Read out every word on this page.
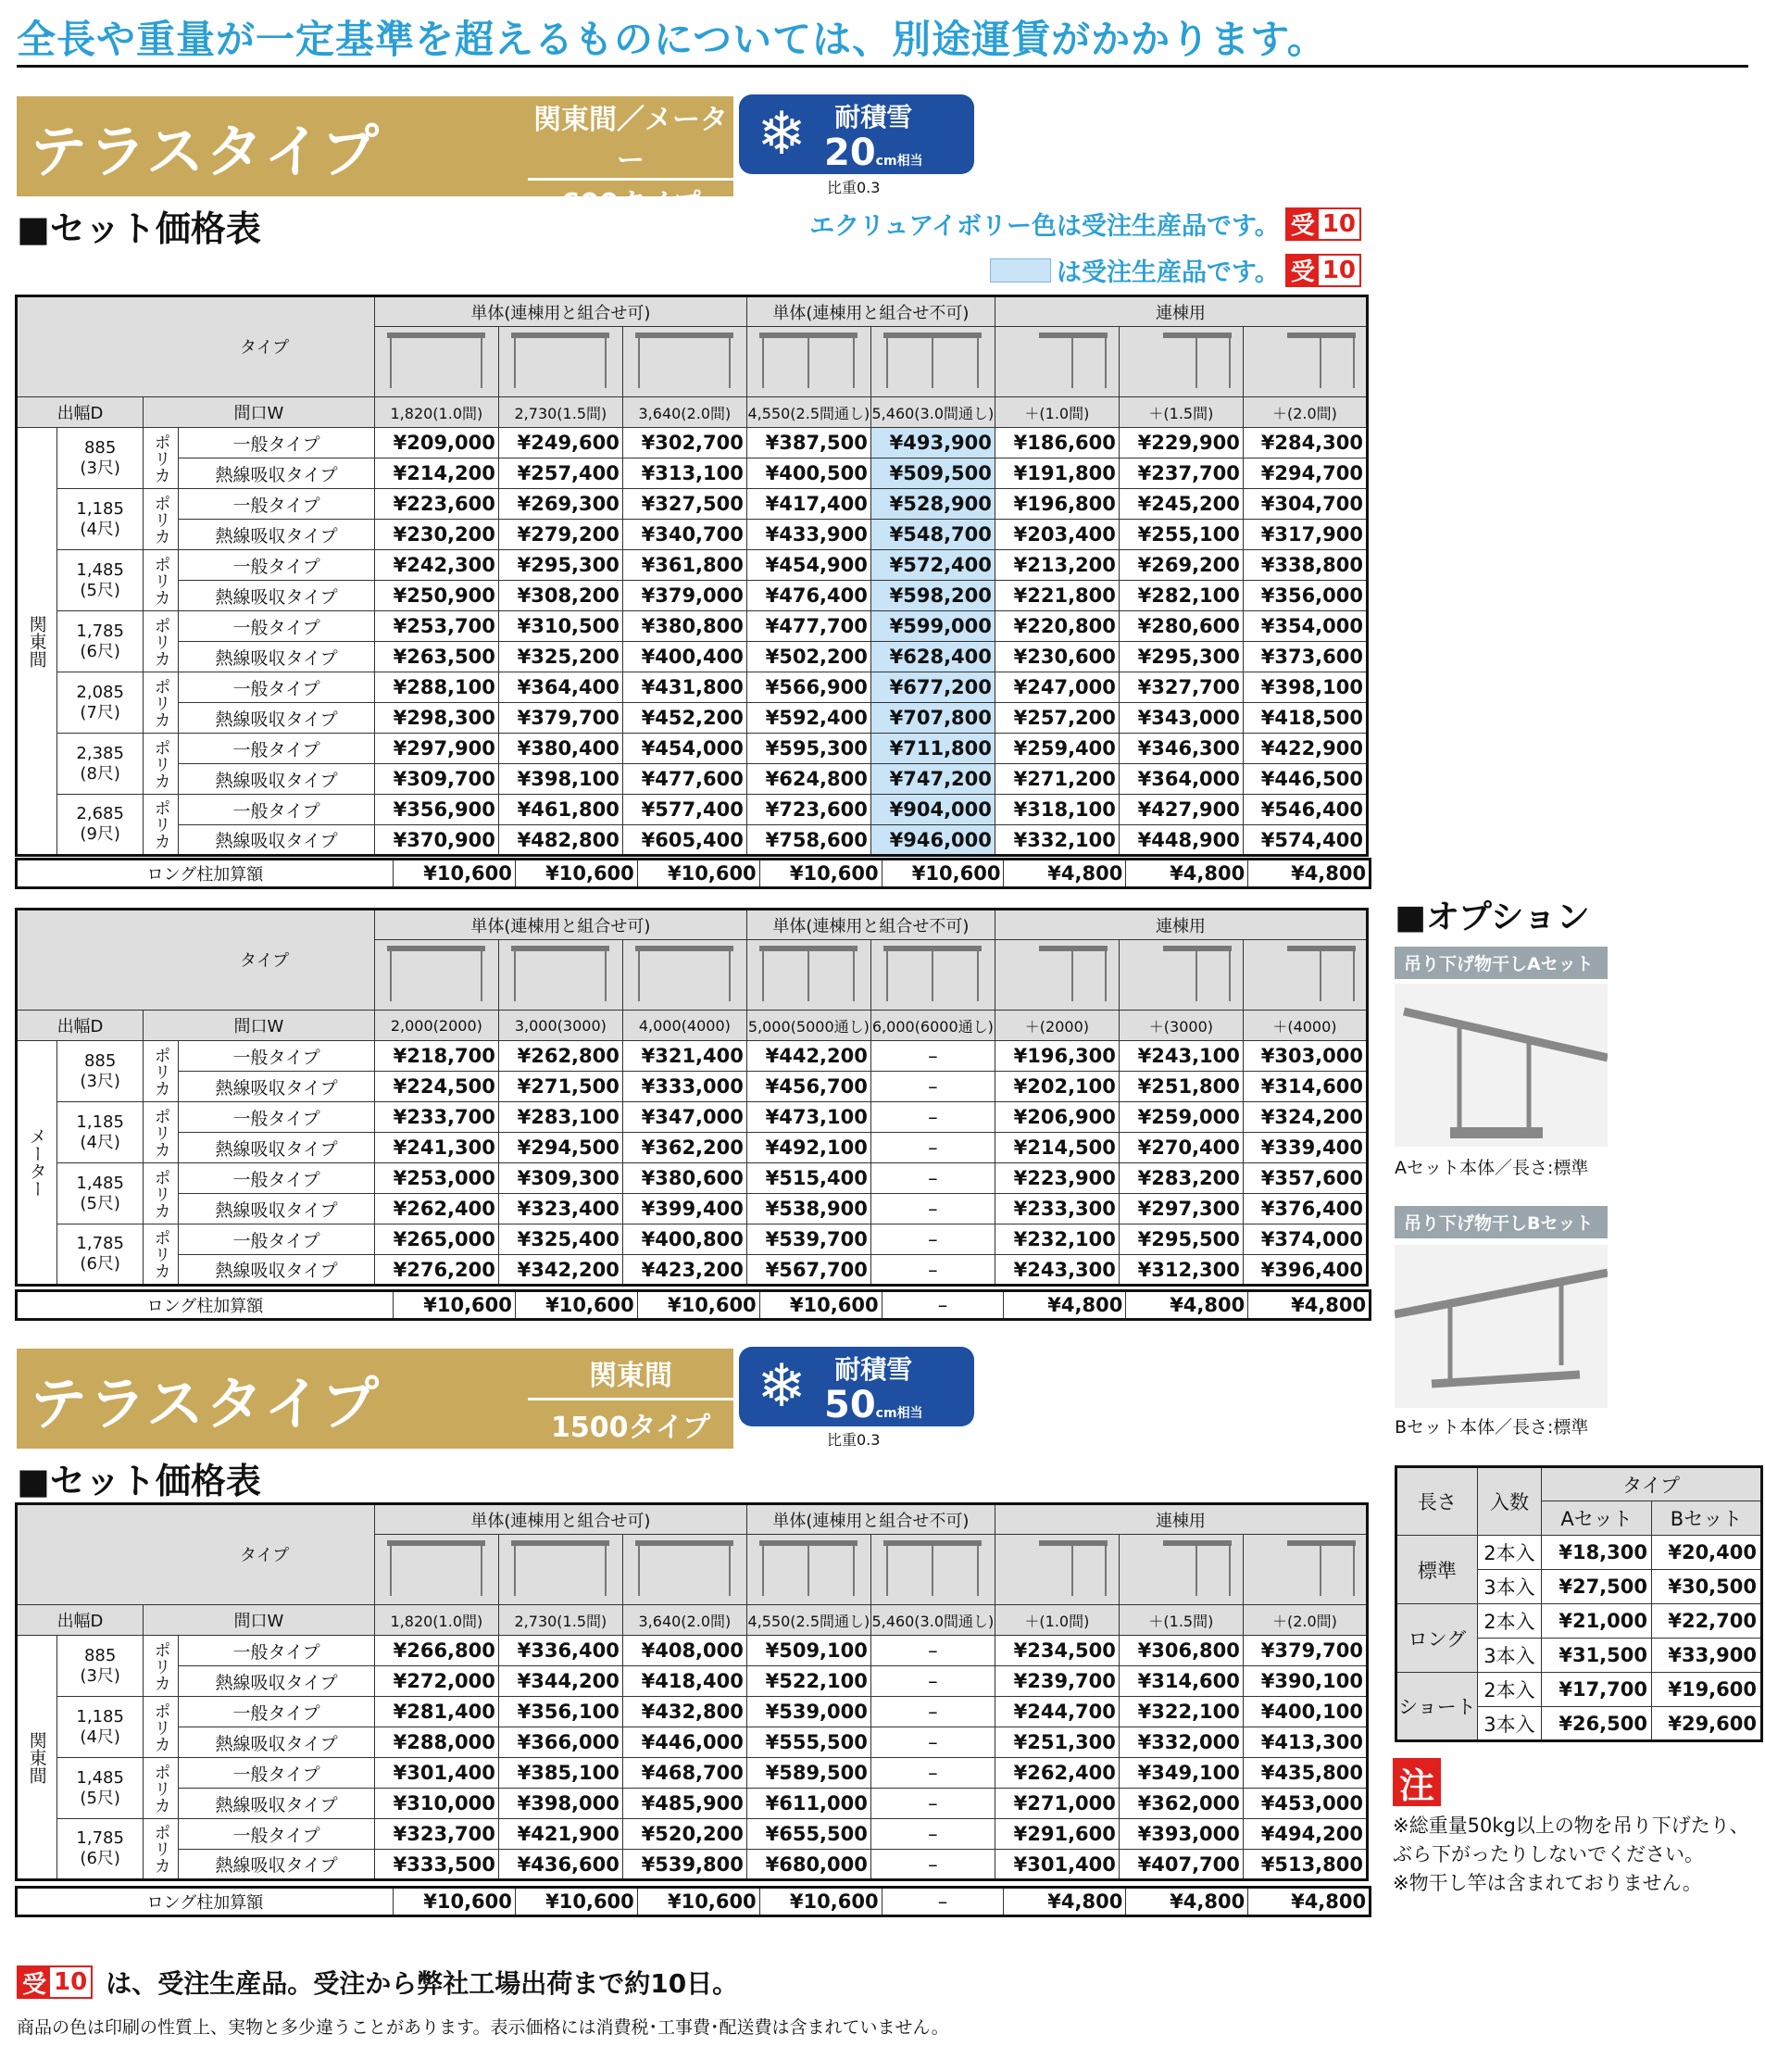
全長や重量が一定基準を超えるものについては、別途運賃がかかります。
テラスタイプ	関東間／メーター
600タイプ
❄	耐積雪
20cm相当
比重0.3
■セット価格表	エクリュアイボリー色は受注生産品です。 受 10
は受注生産品です。 受 10
タイプ				単体(連棟用と組合せ可)			単体(連棟用と組合せ不可)		連棟用		

出幅D		間口W		1,820(1.0間)	2,730(1.5間)	3,640(2.0間)	4,550(2.5間通し)	5,460(3.0間通し)	＋(1.0間)	＋(1.5間)	＋(2.0間)
関東間	885
(3尺)	ポリカ	一般タイプ	¥209,000	¥249,600	¥302,700	¥387,500	¥493,900	¥186,600	¥229,900	¥284,300
			熱線吸収タイプ	¥214,200	¥257,400	¥313,100	¥400,500	¥509,500	¥191,800	¥237,700	¥294,700
	1,185
(4尺)	ポリカ	一般タイプ	¥223,600	¥269,300	¥327,500	¥417,400	¥528,900	¥196,800	¥245,200	¥304,700
			熱線吸収タイプ	¥230,200	¥279,200	¥340,700	¥433,900	¥548,700	¥203,400	¥255,100	¥317,900
	1,485
(5尺)	ポリカ	一般タイプ	¥242,300	¥295,300	¥361,800	¥454,900	¥572,400	¥213,200	¥269,200	¥338,800
			熱線吸収タイプ	¥250,900	¥308,200	¥379,000	¥476,400	¥598,200	¥221,800	¥282,100	¥356,000
	1,785
(6尺)	ポリカ	一般タイプ	¥253,700	¥310,500	¥380,800	¥477,700	¥599,000	¥220,800	¥280,600	¥354,000
			熱線吸収タイプ	¥263,500	¥325,200	¥400,400	¥502,200	¥628,400	¥230,600	¥295,300	¥373,600
	2,085
(7尺)	ポリカ	一般タイプ	¥288,100	¥364,400	¥431,800	¥566,900	¥677,200	¥247,000	¥327,700	¥398,100
			熱線吸収タイプ	¥298,300	¥379,700	¥452,200	¥592,400	¥707,800	¥257,200	¥343,000	¥418,500
	2,385
(8尺)	ポリカ	一般タイプ	¥297,900	¥380,400	¥454,000	¥595,300	¥711,800	¥259,400	¥346,300	¥422,900
			熱線吸収タイプ	¥309,700	¥398,100	¥477,600	¥624,800	¥747,200	¥271,200	¥364,000	¥446,500
	2,685
(9尺)	ポリカ	一般タイプ	¥356,900	¥461,800	¥577,400	¥723,600	¥904,000	¥318,100	¥427,900	¥546,400
			熱線吸収タイプ	¥370,900	¥482,800	¥605,400	¥758,600	¥946,000	¥332,100	¥448,900	¥574,400
ロング柱加算額	¥10,600	¥10,600	¥10,600	¥10,600	¥10,600	¥4,800	¥4,800	¥4,800
タイプ				単体(連棟用と組合せ可)			単体(連棟用と組合せ不可)		連棟用		

出幅D		間口W		2,000(2000)	3,000(3000)	4,000(4000)	5,000(5000通し)	6,000(6000通し)	＋(2000)	＋(3000)	＋(4000)
メーター	885
(3尺)	ポリカ	一般タイプ	¥218,700	¥262,800	¥321,400	¥442,200	–	¥196,300	¥243,100	¥303,000
			熱線吸収タイプ	¥224,500	¥271,500	¥333,000	¥456,700	–	¥202,100	¥251,800	¥314,600
	1,185
(4尺)	ポリカ	一般タイプ	¥233,700	¥283,100	¥347,000	¥473,100	–	¥206,900	¥259,000	¥324,200
			熱線吸収タイプ	¥241,300	¥294,500	¥362,200	¥492,100	–	¥214,500	¥270,400	¥339,400
	1,485
(5尺)	ポリカ	一般タイプ	¥253,000	¥309,300	¥380,600	¥515,400	–	¥223,900	¥283,200	¥357,600
			熱線吸収タイプ	¥262,400	¥323,400	¥399,400	¥538,900	–	¥233,300	¥297,300	¥376,400
	1,785
(6尺)	ポリカ	一般タイプ	¥265,000	¥325,400	¥400,800	¥539,700	–	¥232,100	¥295,500	¥374,000
			熱線吸収タイプ	¥276,200	¥342,200	¥423,200	¥567,700	–	¥243,300	¥312,300	¥396,400
ロング柱加算額	¥10,600	¥10,600	¥10,600	¥10,600	–	¥4,800	¥4,800	¥4,800
テラスタイプ	関東間
1500タイプ
❄	耐積雪
50cm相当
比重0.3
■セット価格表
タイプ				単体(連棟用と組合せ可)			単体(連棟用と組合せ不可)		連棟用		

出幅D		間口W		1,820(1.0間)	2,730(1.5間)	3,640(2.0間)	4,550(2.5間通し)	5,460(3.0間通し)	＋(1.0間)	＋(1.5間)	＋(2.0間)
関東間	885
(3尺)	ポリカ	一般タイプ	¥266,800	¥336,400	¥408,000	¥509,100	–	¥234,500	¥306,800	¥379,700
			熱線吸収タイプ	¥272,000	¥344,200	¥418,400	¥522,100	–	¥239,700	¥314,600	¥390,100
	1,185
(4尺)	ポリカ	一般タイプ	¥281,400	¥356,100	¥432,800	¥539,000	–	¥244,700	¥322,100	¥400,100
			熱線吸収タイプ	¥288,000	¥366,000	¥446,000	¥555,500	–	¥251,300	¥332,000	¥413,300
	1,485
(5尺)	ポリカ	一般タイプ	¥301,400	¥385,100	¥468,700	¥589,500	–	¥262,400	¥349,100	¥435,800
			熱線吸収タイプ	¥310,000	¥398,000	¥485,900	¥611,000	–	¥271,000	¥362,000	¥453,000
	1,785
(6尺)	ポリカ	一般タイプ	¥323,700	¥421,900	¥520,200	¥655,500	–	¥291,600	¥393,000	¥494,200
			熱線吸収タイプ	¥333,500	¥436,600	¥539,800	¥680,000	–	¥301,400	¥407,700	¥513,800
ロング柱加算額	¥10,600	¥10,600	¥10,600	¥10,600	–	¥4,800	¥4,800	¥4,800
■オプション
吊り下げ物干しAセット
Aセット本体／長さ:標準
吊り下げ物干しBセット
Bセット本体／長さ:標準
長さ	入数	タイプ	
		Aセット	Bセット
標準	2本入	¥18,300	¥20,400
	3本入	¥27,500	¥30,500
ロング	2本入	¥21,000	¥22,700
	3本入	¥31,500	¥33,900
ショート	2本入	¥17,700	¥19,600
	3本入	¥26,500	¥29,600
注
※総重量50kg以上の物を吊り下げたり、ぶら下がったりしないでください。
※物干し竿は含まれておりません。
受 10 は、受注生産品。受注から弊社工場出荷まで約10日。
商品の色は印刷の性質上、実物と多少違うことがあります。表示価格には消費税･工事費･配送費は含まれていません。
